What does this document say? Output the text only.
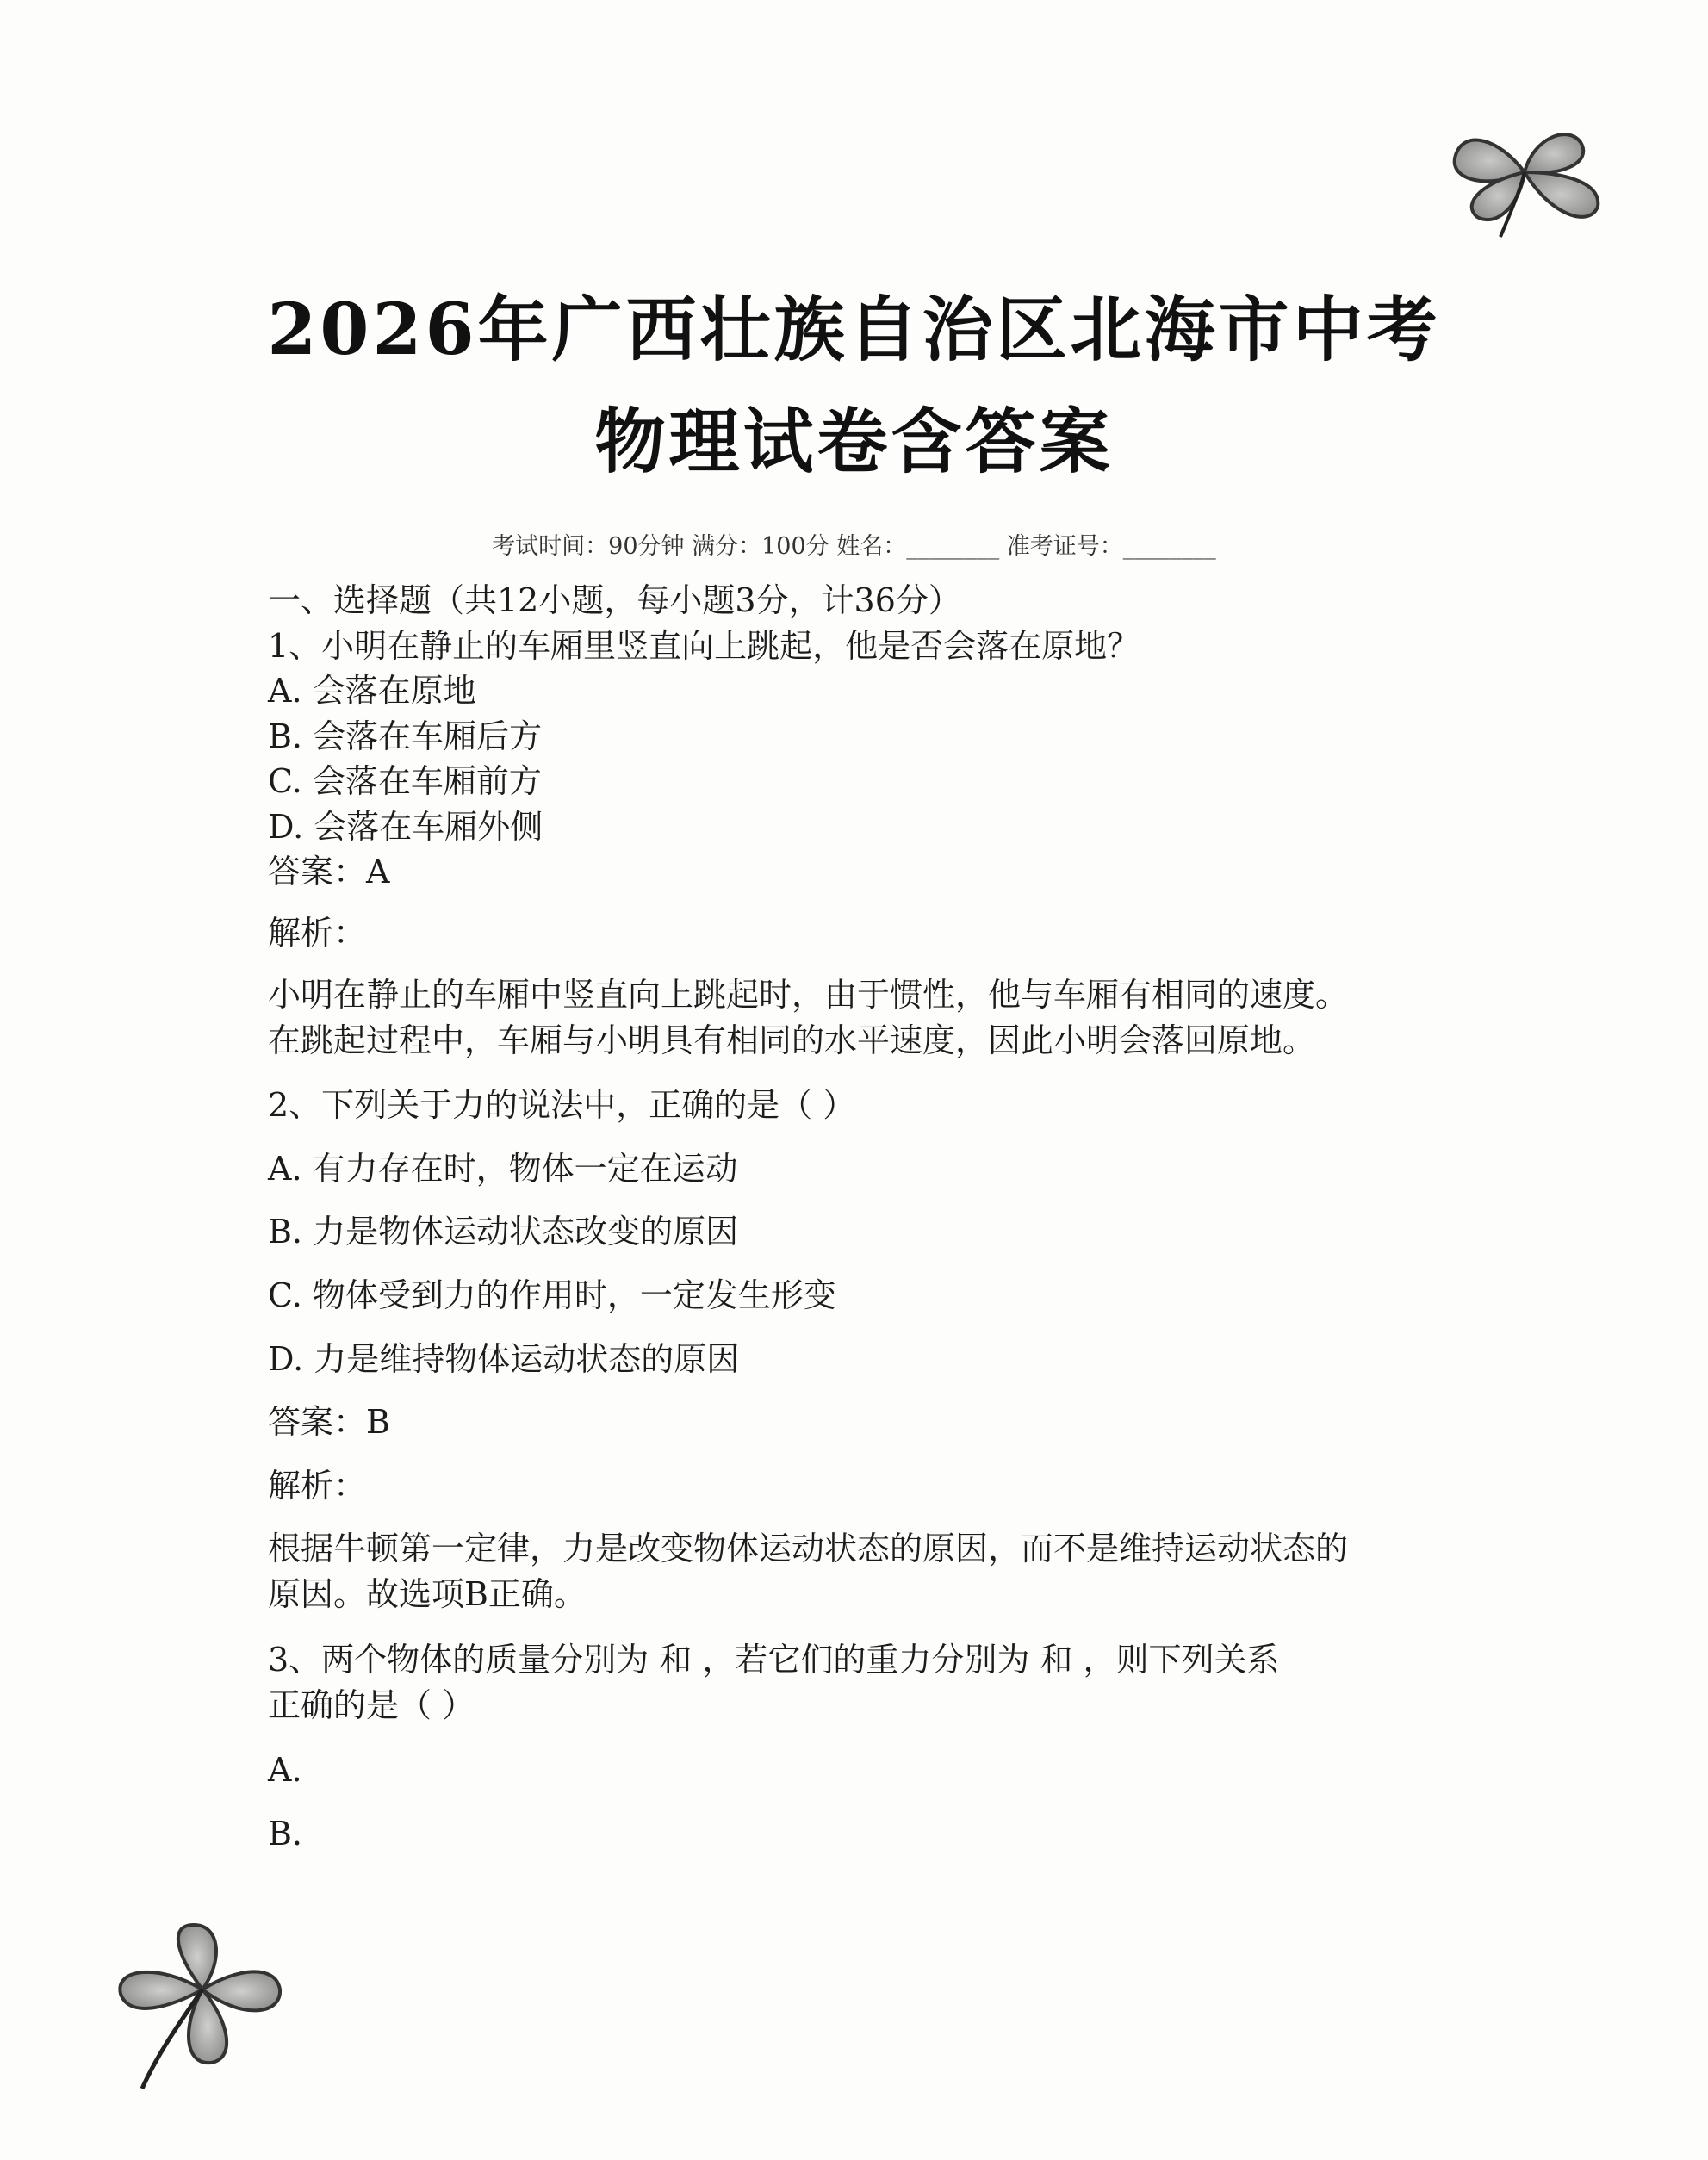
2026年广西壮族自治区北海市中考
物理试卷含答案
考试时间：90分钟 满分：100分 姓名：________ 准考证号：________
一、选择题（共12小题，每小题3分，计36分）
1、小明在静止的车厢里竖直向上跳起，他是否会落在原地？
A. 会落在原地
B. 会落在车厢后方
C. 会落在车厢前方
D. 会落在车厢外侧
答案：A
解析：
小明在静止的车厢中竖直向上跳起时，由于惯性，他与车厢有相同的速度。
在跳起过程中，车厢与小明具有相同的水平速度，因此小明会落回原地。
2、下列关于力的说法中，正确的是（ ）
A. 有力存在时，物体一定在运动
B. 力是物体运动状态改变的原因
C. 物体受到力的作用时，一定发生形变
D. 力是维持物体运动状态的原因
答案：B
解析：
根据牛顿第一定律，力是改变物体运动状态的原因，而不是维持运动状态的
原因。故选项B正确。
3、两个物体的质量分别为 和 ，若它们的重力分别为 和 ，则下列关系
正确的是（ ）
A.
B.
